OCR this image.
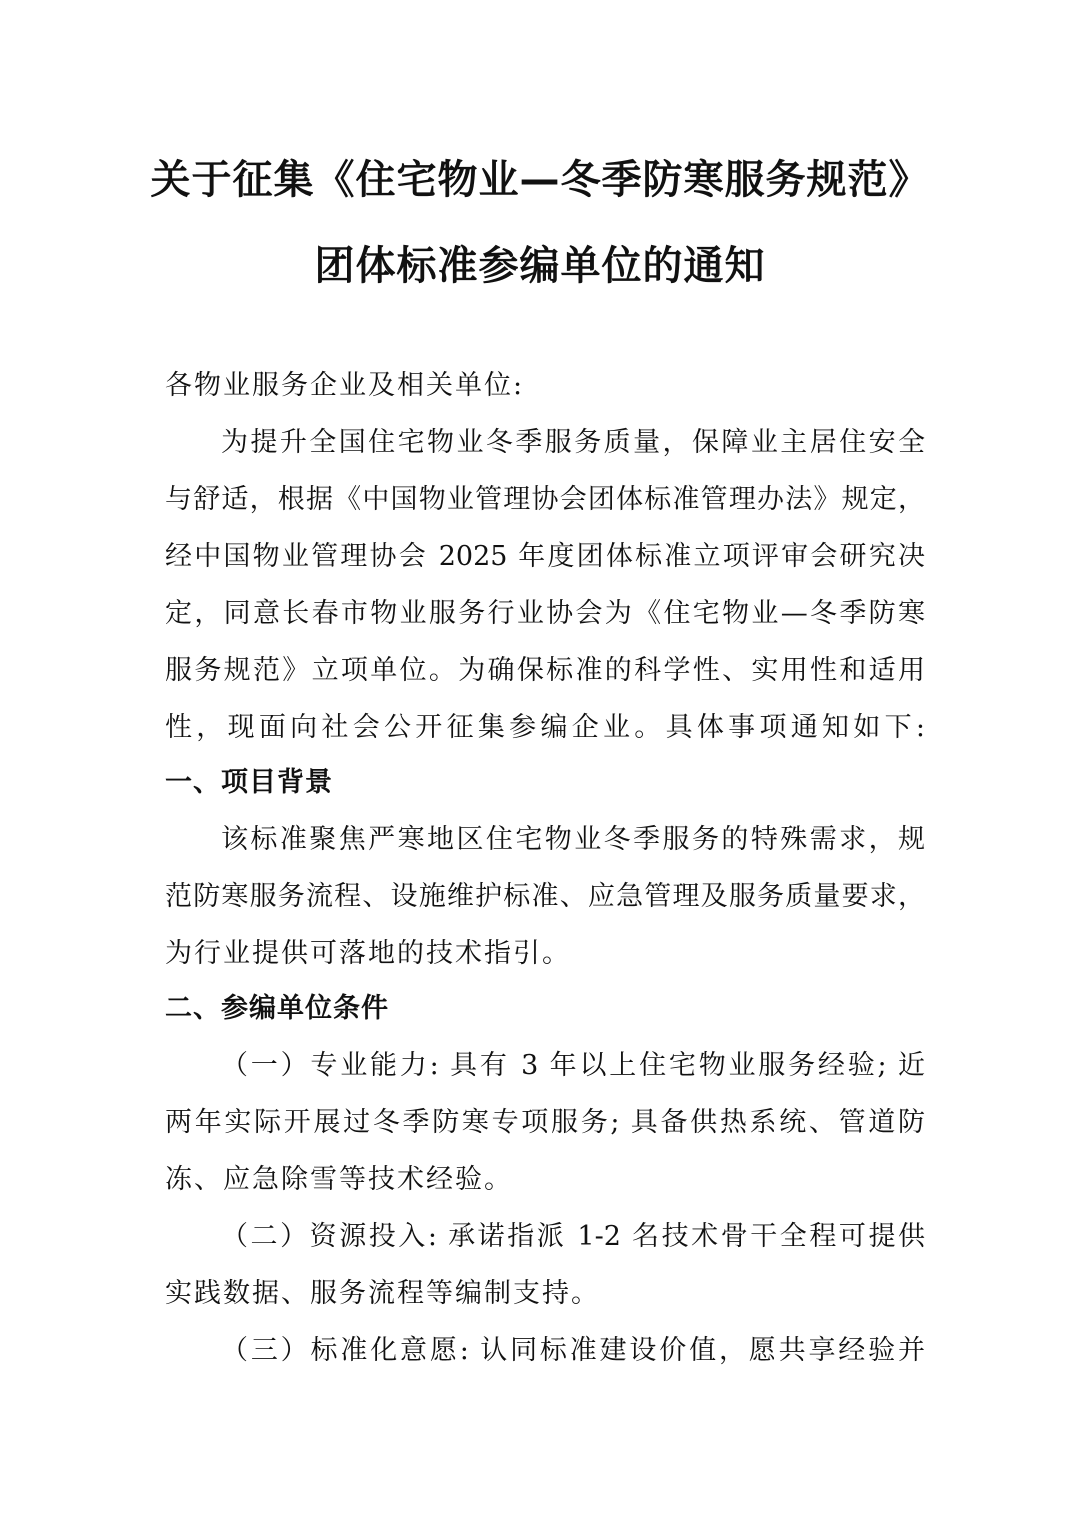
关于征集《住宅物业—冬季防寒服务规范》
团体标准参编单位的通知
各物业服务企业及相关单位:
为提升全国住宅物业冬季服务质量，保障业主居住安全
与舒适，根据《中国物业管理协会团体标准管理办法》规定，
经中国物业管理协会 2025 年度团体标准立项评审会研究决
定，同意长春市物业服务行业协会为《住宅物业—冬季防寒
服务规范》立项单位。为确保标准的科学性、实用性和适用
性，现面向社会公开征集参编企业。具体事项通知如下:
一、项目背景
该标准聚焦严寒地区住宅物业冬季服务的特殊需求，规
范防寒服务流程、设施维护标准、应急管理及服务质量要求，
为行业提供可落地的技术指引。
二、参编单位条件
（一）专业能力: 具有 3 年以上住宅物业服务经验; 近
两年实际开展过冬季防寒专项服务; 具备供热系统、管道防
冻、应急除雪等技术经验。
（二）资源投入: 承诺指派 1-2 名技术骨干全程可提供
实践数据、服务流程等编制支持。
（三）标准化意愿: 认同标准建设价值，愿共享经验并
